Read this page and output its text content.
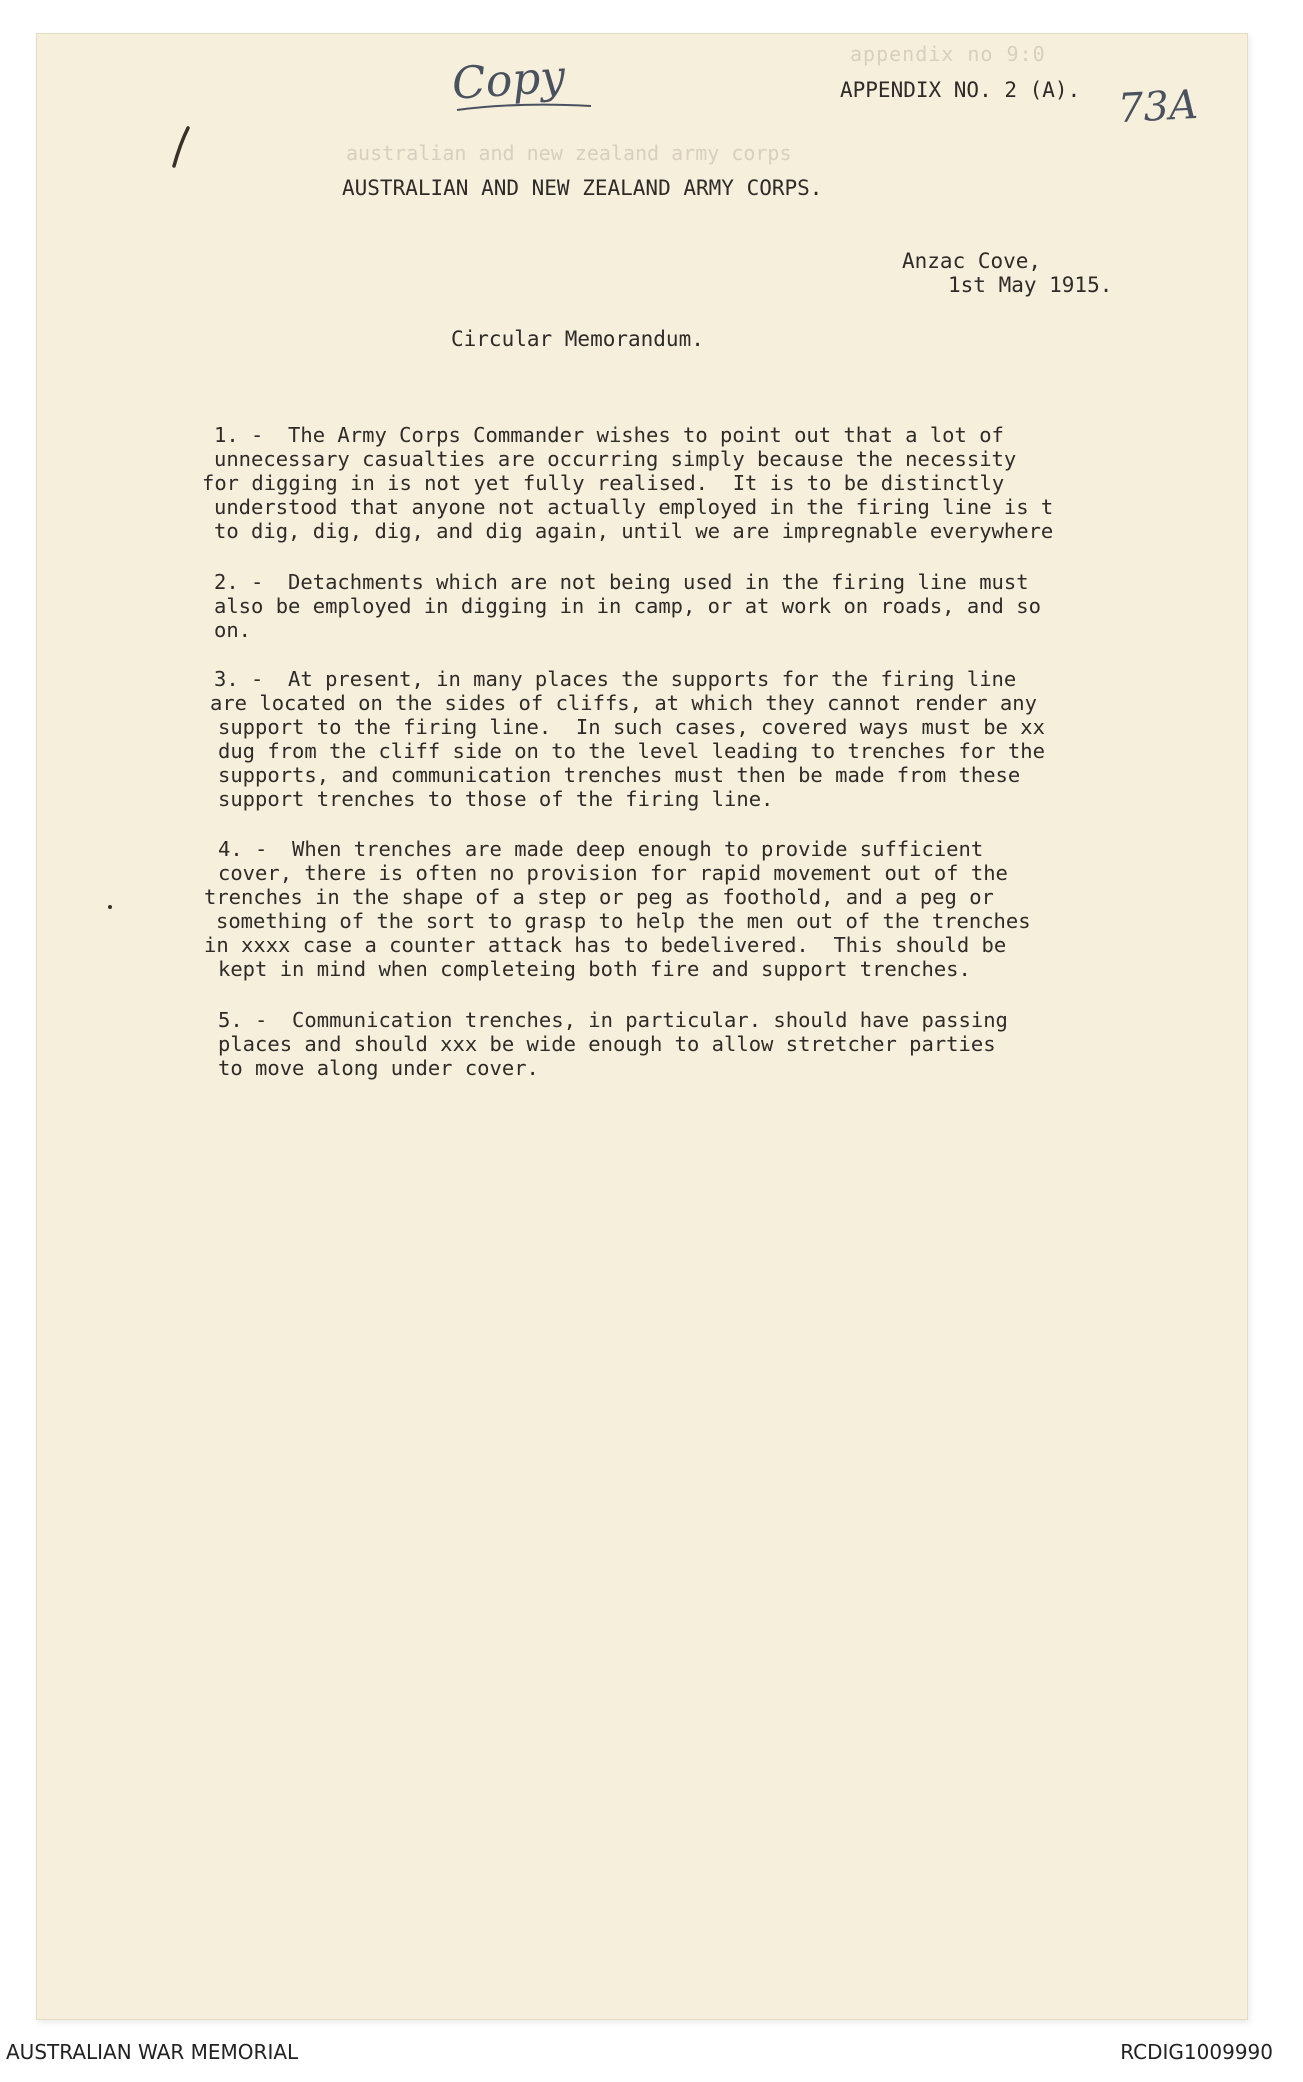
appendix no 9:0
Copy	APPENDIX NO. 2 (A). 73A
australian and new zealand army corps
AUSTRALIAN AND NEW ZEALAND ARMY CORPS.
Anzac Cove,
1st May 1915.
Circular Memorandum.
1. -  The Army Corps Commander wishes to point out that a lot of
unnecessary casualties are occurring simply because the necessity
for digging in is not yet fully realised.  It is to be distinctly
understood that anyone not actually employed in the firing line is t
to dig, dig, dig, and dig again, until we are impregnable everywhere
2. -  Detachments which are not being used in the firing line must
also be employed in digging in in camp, or at work on roads, and so
on.
3. -  At present, in many places the supports for the firing line
are located on the sides of cliffs, at which they cannot render any
support to the firing line.  In such cases, covered ways must be xx
dug from the cliff side on to the level leading to trenches for the
supports, and communication trenches must then be made from these
support trenches to those of the firing line.
4. -  When trenches are made deep enough to provide sufficient
cover, there is often no provision for rapid movement out of the
trenches in the shape of a step or peg as foothold, and a peg or
something of the sort to grasp to help the men out of the trenches
in xxxx case a counter attack has to bedelivered.  This should be
kept in mind when completeing both fire and support trenches.
5. -  Communication trenches, in particular. should have passing
places and should xxx be wide enough to allow stretcher parties
to move along under cover.
AUSTRALIAN WAR MEMORIAL	RCDIG1009990
